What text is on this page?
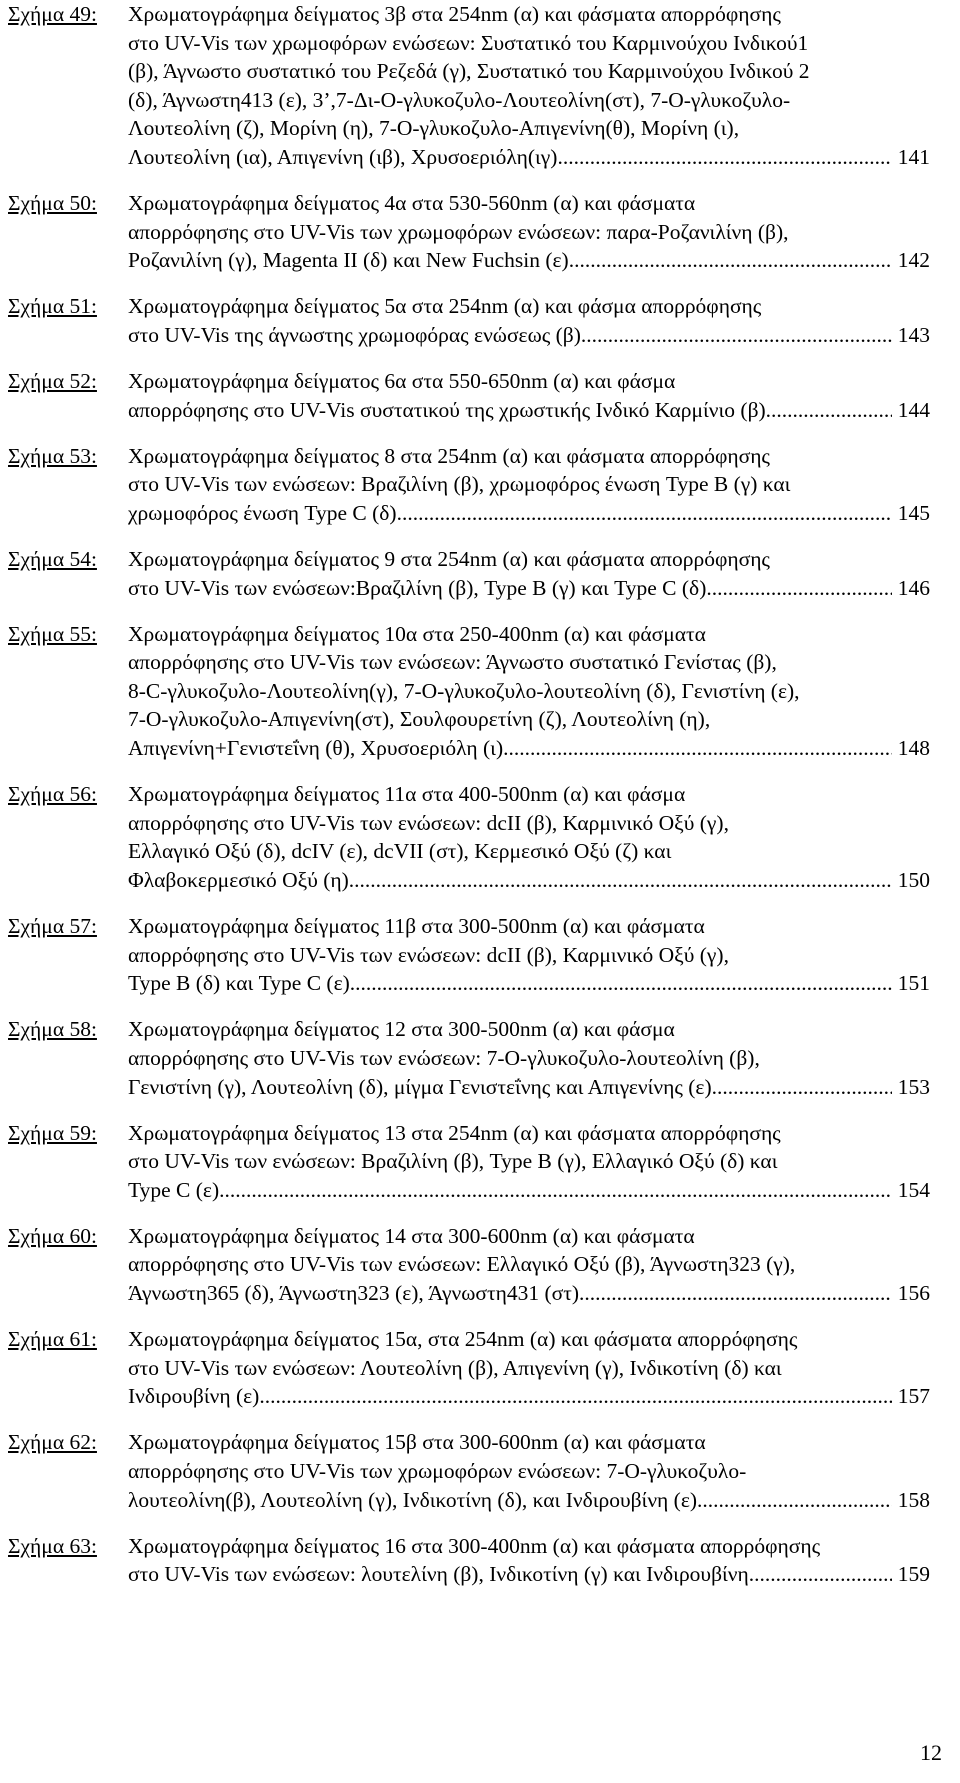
Σχήμα 49: Χρωματογράφημα δείγματος 3β στα 254nm (α) και φάσματα απορρόφησης
στο UV-Vis των χρωμοφόρων ενώσεων: Συστατικό του Καρμινούχου Ινδικού1
(β), Άγνωστο συστατικό του Ρεζεδά (γ), Συστατικό του Καρμινούχου Ινδικού 2
(δ), Άγνωστη413 (ε), 3’,7-Δι-O-γλυκοζυλο-Λουτεολίνη(στ), 7-O-γλυκοζυλο-
Λουτεολίνη (ζ), Μορίνη (η), 7-O-γλυκοζυλο-Απιγενίνη(θ), Μορίνη (ι),
Λουτεολίνη (ια), Απιγενίνη (ιβ), Χρυσοεριόλη(ιγ) .....	141
Σχήμα 50: Χρωματογράφημα δείγματος 4α στα 530-560nm (α) και φάσματα
απορρόφησης στο UV-Vis των χρωμοφόρων ενώσεων: παρα-Ροζανιλίνη (β),
Ροζανιλίνη (γ), Magenta II (δ) και New Fuchsin (ε) .....	142
Σχήμα 51: Χρωματογράφημα δείγματος 5α στα 254nm (α) και φάσμα απορρόφησης
στο UV-Vis της άγνωστης χρωμοφόρας ενώσεως (β) .....	143
Σχήμα 52: Χρωματογράφημα δείγματος 6α στα 550-650nm (α) και φάσμα
απορρόφησης στο UV-Vis συστατικού της χρωστικής Ινδικό Καρμίνιο (β) .....	144
Σχήμα 53: Χρωματογράφημα δείγματος 8 στα 254nm (α) και φάσματα απορρόφησης
στο UV-Vis των ενώσεων: Βραζιλίνη (β), χρωμοφόρος ένωση Type B (γ) και
χρωμοφόρος ένωση Type C (δ) .....	145
Σχήμα 54: Χρωματογράφημα δείγματος 9 στα 254nm (α) και φάσματα απορρόφησης
στο UV-Vis των ενώσεων:Βραζιλίνη (β), Type B (γ) και Type C (δ) .....	146
Σχήμα 55: Χρωματογράφημα δείγματος 10α στα 250-400nm (α) και φάσματα
απορρόφησης στο UV-Vis των ενώσεων: Άγνωστο συστατικό Γενίστας (β),
8-C-γλυκοζυλο-Λουτεολίνη(γ), 7-O-γλυκοζυλο-λουτεολίνη (δ), Γενιστίνη (ε),
7-O-γλυκοζυλο-Απιγενίνη(στ), Σουλφουρετίνη (ζ), Λουτεολίνη (η),
Απιγενίνη+Γενιστεΐνη (θ), Χρυσοεριόλη (ι) .....	148
Σχήμα 56: Χρωματογράφημα δείγματος 11α στα 400-500nm (α) και φάσμα
απορρόφησης στο UV-Vis των ενώσεων: dcII (β), Καρμινικό Οξύ (γ),
Ελλαγικό Οξύ (δ), dcIV (ε), dcVII (στ), Κερμεσικό Οξύ (ζ) και
Φλαβοκερμεσικό Οξύ (η) .....	150
Σχήμα 57: Χρωματογράφημα δείγματος 11β στα 300-500nm (α) και φάσματα
απορρόφησης στο UV-Vis των ενώσεων: dcII (β), Καρμινικό Οξύ (γ),
Type B (δ) και Type C (ε) .....	151
Σχήμα 58: Χρωματογράφημα δείγματος 12 στα 300-500nm (α) και φάσμα
απορρόφησης στο UV-Vis των ενώσεων: 7-O-γλυκοζυλο-λουτεολίνη (β),
Γενιστίνη (γ), Λουτεολίνη (δ), μίγμα Γενιστεΐνης και Απιγενίνης (ε) .....	153
Σχήμα 59: Χρωματογράφημα δείγματος 13 στα 254nm (α) και φάσματα απορρόφησης
στο UV-Vis των ενώσεων: Βραζιλίνη (β), Type B (γ), Ελλαγικό Οξύ (δ) και
Type C (ε) .....	154
Σχήμα 60: Χρωματογράφημα δείγματος 14 στα 300-600nm (α) και φάσματα
απορρόφησης στο UV-Vis των ενώσεων: Ελλαγικό Οξύ (β), Άγνωστη323 (γ),
Άγνωστη365 (δ), Άγνωστη323 (ε), Άγνωστη431 (στ) .....	156
Σχήμα 61: Χρωματογράφημα δείγματος 15α, στα 254nm (α) και φάσματα απορρόφησης
στο UV-Vis των ενώσεων: Λουτεολίνη (β), Απιγενίνη (γ), Ινδικοτίνη (δ) και
Ινδιρουβίνη (ε) .....	157
Σχήμα 62: Χρωματογράφημα δείγματος 15β στα 300-600nm (α) και φάσματα
απορρόφησης στο UV-Vis των χρωμοφόρων ενώσεων: 7-O-γλυκοζυλο-
λουτεολίνη(β), Λουτεολίνη (γ), Ινδικοτίνη (δ), και Ινδιρουβίνη (ε) .....	158
Σχήμα 63: Χρωματογράφημα δείγματος 16 στα 300-400nm (α) και φάσματα απορρόφησης
στο UV-Vis των ενώσεων: λουτελίνη (β), Ινδικοτίνη (γ) και Ινδιρουβίνη .....	159
12
